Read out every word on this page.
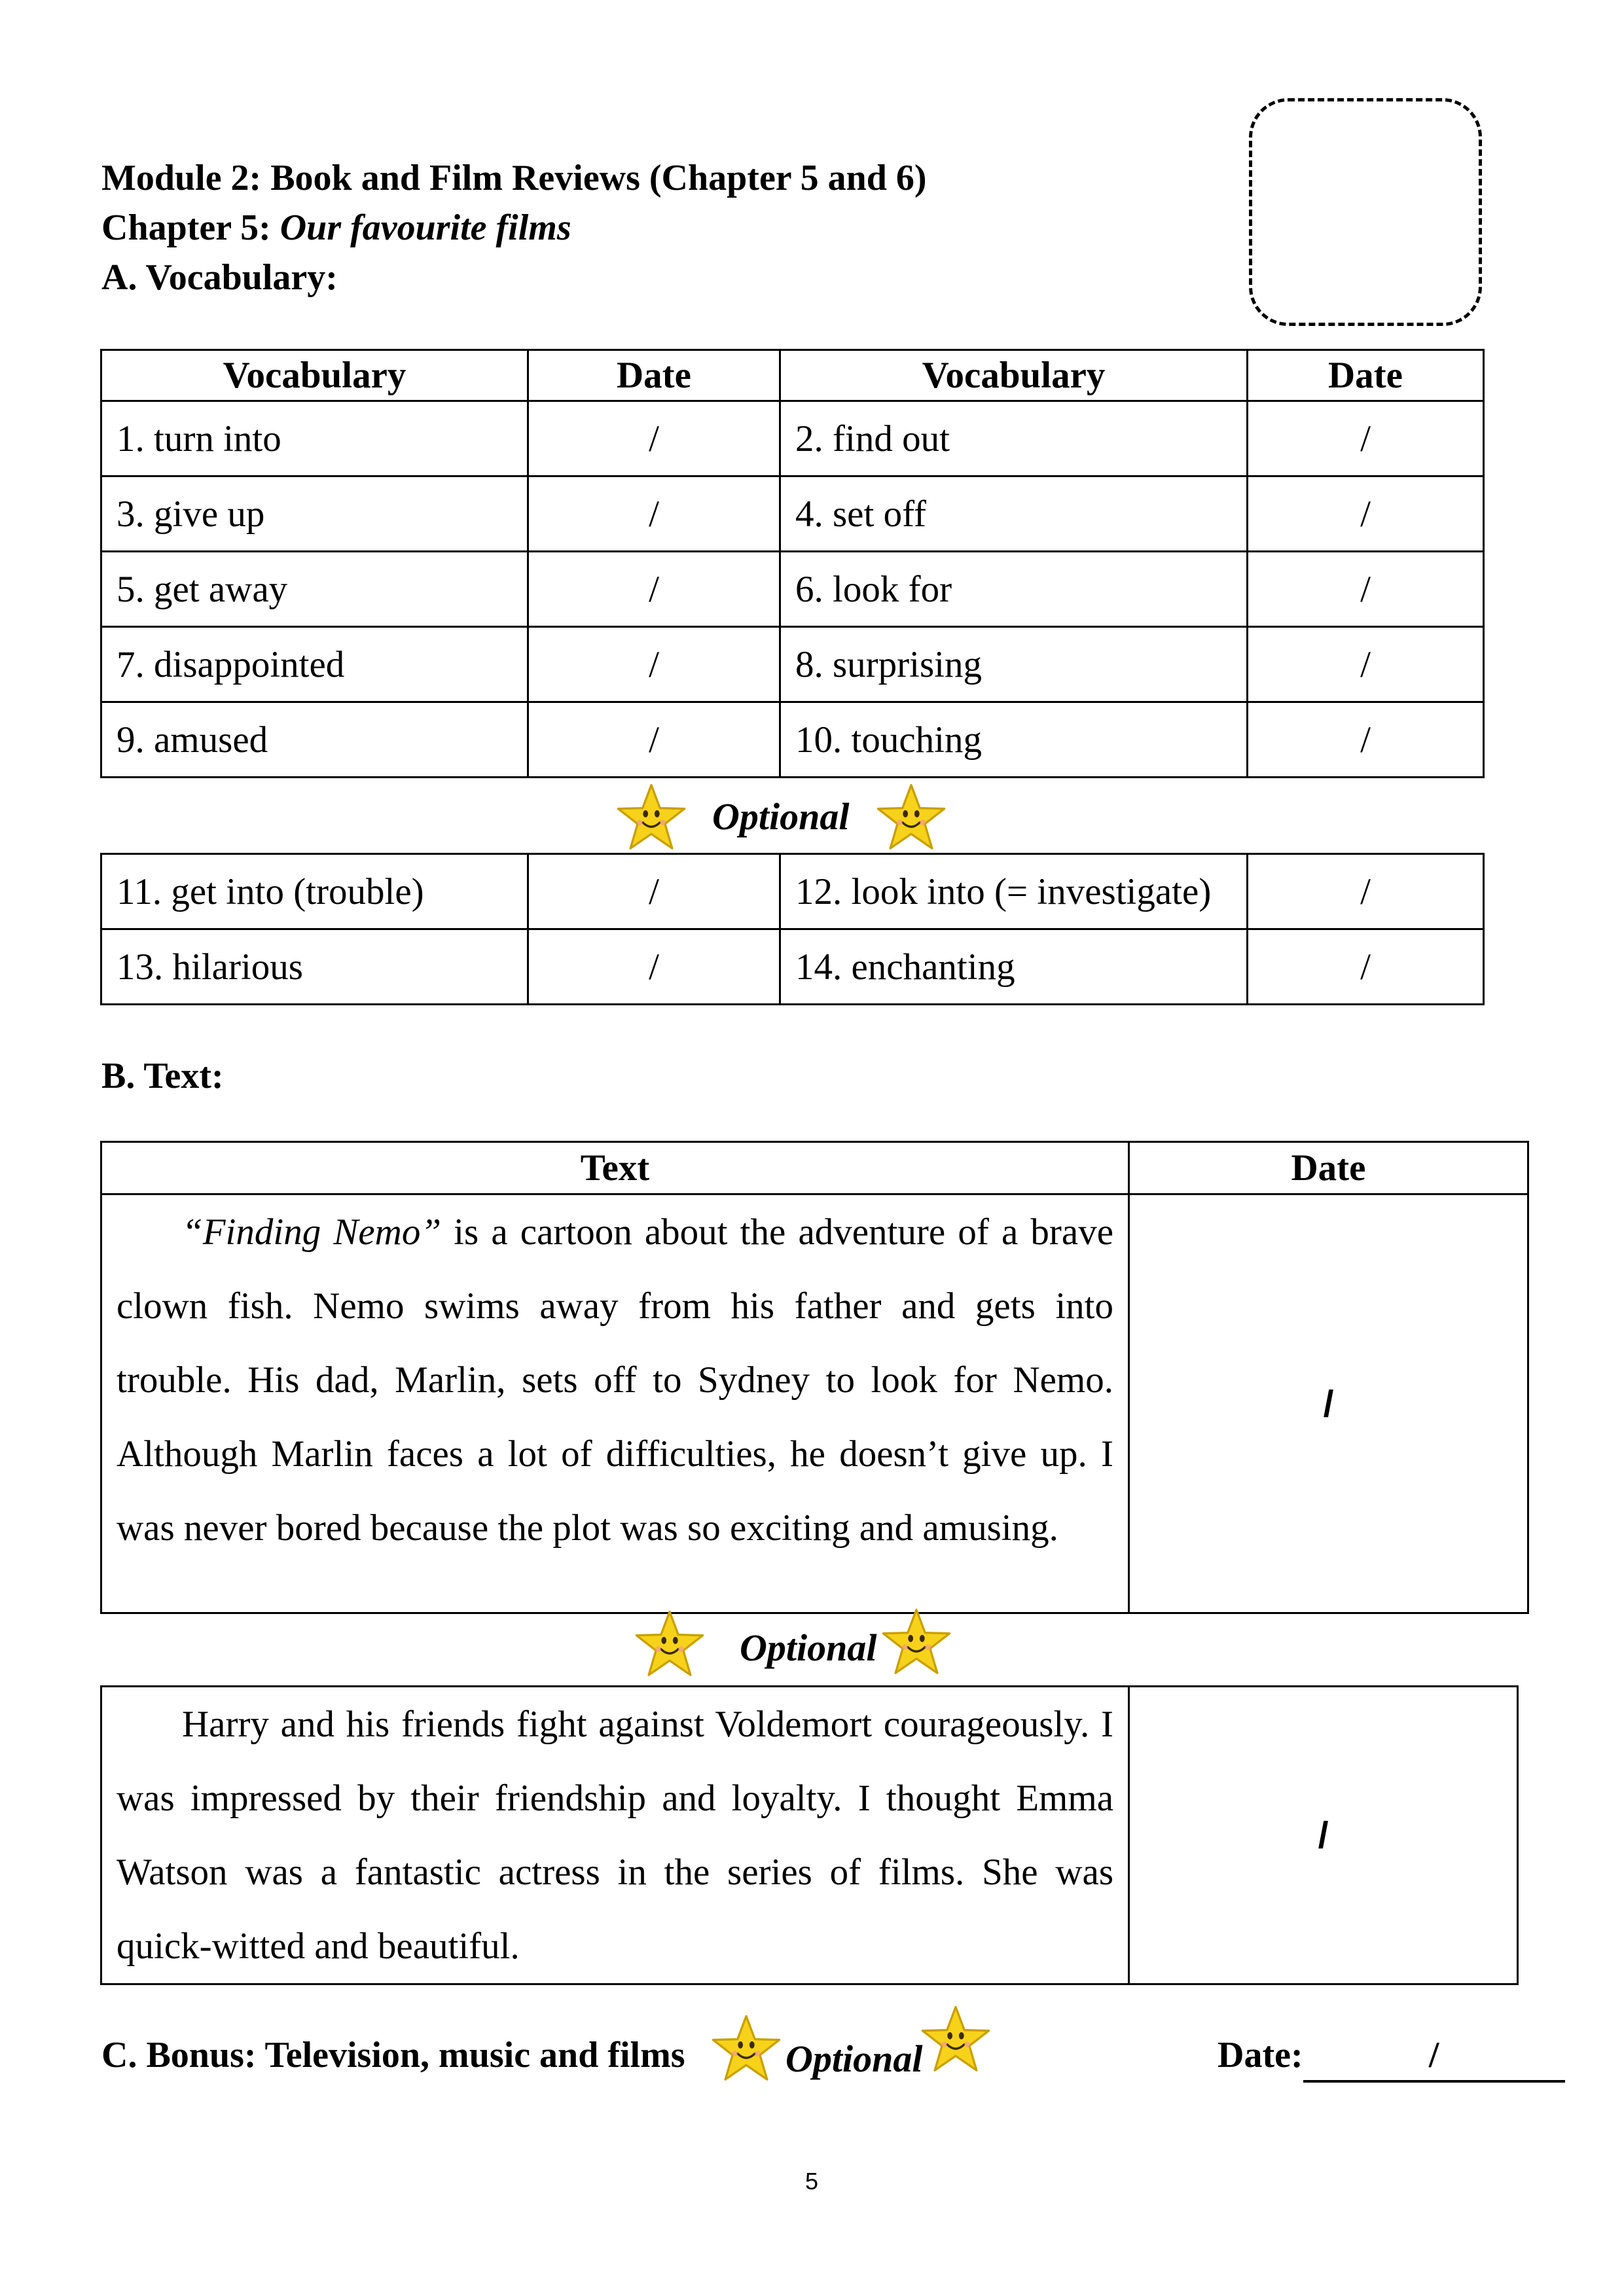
Module 2: Book and Film Reviews (Chapter 5 and 6)
Chapter 5: Our favourite films
A. Vocabulary:
Vocabulary	Date	Vocabulary	Date
1. turn into	/	2. find out	/
3. give up	/	4. set off	/
5. get away	/	6. look for	/
7. disappointed	/	8. surprising	/
9. amused	/	10. touching	/
Optional
11. get into (trouble)	/	12. look into (= investigate)	/
13. hilarious	/	14. enchanting	/
B. Text:
Text	Date
“Finding Nemo” is a cartoon about the adventure of a brave clown fish. Nemo swims away from his father and gets into trouble. His dad, Marlin, sets off to Sydney to look for Nemo. Although Marlin faces a lot of difficulties, he doesn’t give up. I was never bored because the plot was so exciting and amusing.	/
Optional
Harry and his friends fight against Voldemort courageously. I was impressed by their friendship and loyalty. I thought Emma Watson was a fantastic actress in the series of films. She was quick-witted and beautiful.	/
C. Bonus: Television, music and films	Optional	Date:	/
5
